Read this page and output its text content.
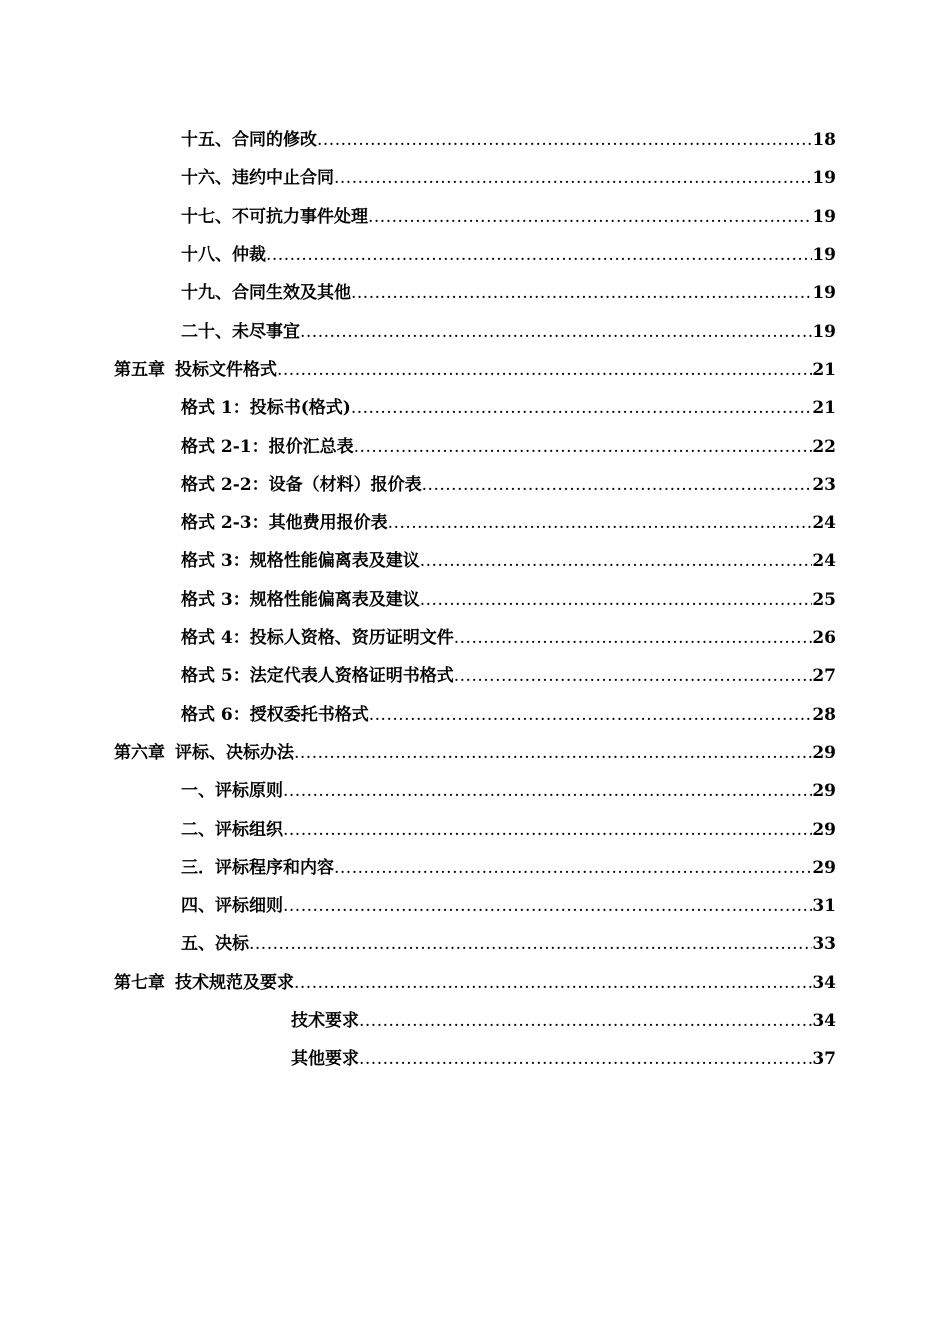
十五、合同的修改 .....	18
十六、违约中止合同 .....	19
十七、不可抗力事件处理 .....	19
十八、仲裁 .....	19
十九、合同生效及其他 .....	19
二十、未尽事宜 .....	19
第五章 投标文件格式 .....	21
格式 1：投标书(格式) .....	21
格式 2-1：报价汇总表 .....	22
格式 2-2：设备（材料）报价表 .....	23
格式 2-3：其他费用报价表 .....	24
格式 3：规格性能偏离表及建议 .....	24
格式 3：规格性能偏离表及建议 .....	25
格式 4：投标人资格、资历证明文件 .....	26
格式 5：法定代表人资格证明书格式 .....	27
格式 6：授权委托书格式 .....	28
第六章 评标、决标办法 .....	29
一、评标原则 .....	29
二、评标组织 .....	29
三．评标程序和内容 .....	29
四、评标细则 .....	31
五、决标 .....	33
第七章 技术规范及要求 .....	34
技术要求 .....	34
其他要求 .....	37
